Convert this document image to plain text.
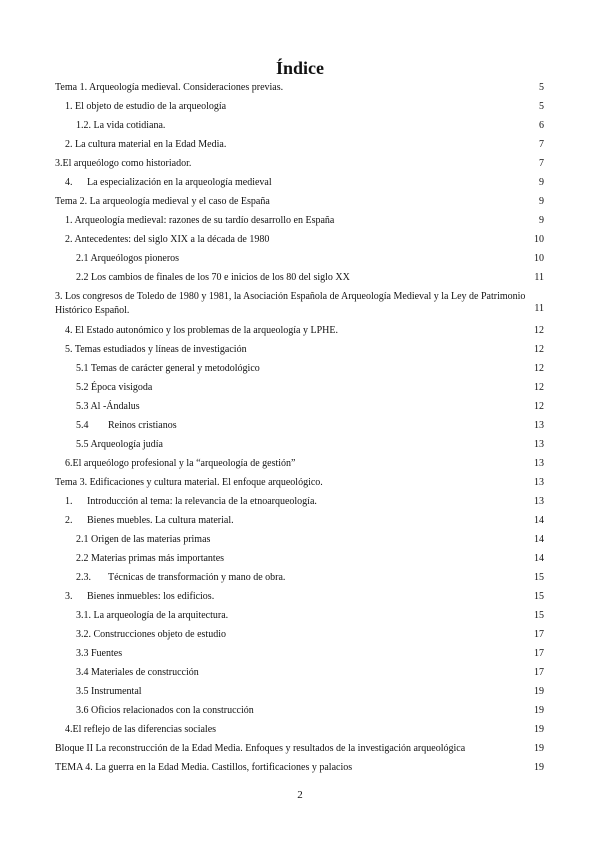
Índice
Tema 1. Arqueología medieval. Consideraciones previas.	5
1. El objeto de estudio de la arqueología	5
1.2. La vida cotidiana.	6
2. La cultura material en la Edad Media.	7
3.El arqueólogo como historiador.	7
4. La especialización en la arqueología medieval	9
Tema 2. La arqueología medieval y el caso de España	9
1. Arqueología medieval: razones de su tardío desarrollo en España	9
2. Antecedentes: del siglo XIX a la década de 1980	10
2.1 Arqueólogos pioneros	10
2.2 Los cambios de finales de los 70 e inicios de los 80 del siglo XX	11
3. Los congresos de Toledo de 1980 y 1981, la Asociación Española de Arqueología Medieval y la Ley de Patrimonio Histórico Español.	11
4. El Estado autonómico y los problemas de la arqueología y LPHE.	12
5. Temas estudiados y líneas de investigación	12
5.1 Temas de carácter general y metodológico	12
5.2 Época visigoda	12
5.3 Al -Ándalus	12
5.4 Reinos cristianos	13
5.5 Arqueología judía	13
6.El arqueólogo profesional y la “arqueología de gestión”	13
Tema 3. Edificaciones y cultura material. El enfoque arqueológico.	13
1. Introducción al tema: la relevancia de la etnoarqueología.	13
2. Bienes muebles. La cultura material.	14
2.1 Origen de las materias primas	14
2.2 Materias primas más importantes	14
2.3. Técnicas de transformación y mano de obra.	15
3. Bienes inmuebles: los edificios.	15
3.1. La arqueología de la arquitectura.	15
3.2. Construcciones objeto de estudio	17
3.3 Fuentes	17
3.4 Materiales de construcción	17
3.5 Instrumental	19
3.6 Oficios relacionados con la construcción	19
4.El reflejo de las diferencias sociales	19
Bloque II La reconstrucción de la Edad Media. Enfoques y resultados de la investigación arqueológica	19
TEMA 4. La guerra en la Edad Media. Castillos, fortificaciones y palacios	19
2
